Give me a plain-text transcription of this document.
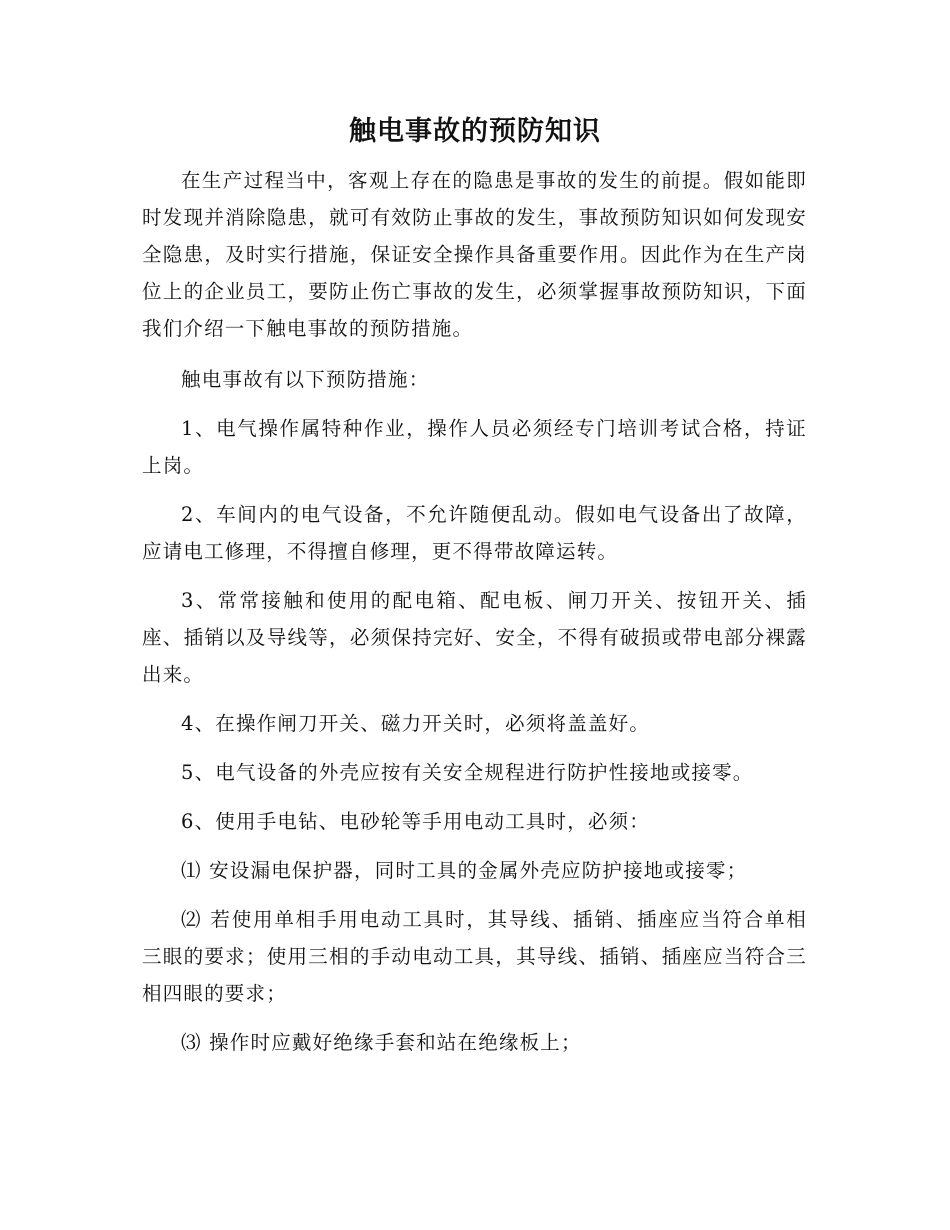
触电事故的预防知识

在生产过程当中，客观上存在的隐患是事故的发生的前提。假如能即时发现并消除隐患，就可有效防止事故的发生，事故预防知识如何发现安全隐患，及时实行措施，保证安全操作具备重要作用。因此作为在生产岗位上的企业员工，要防止伤亡事故的发生，必须掌握事故预防知识，下面我们介绍一下触电事故的预防措施。

触电事故有以下预防措施：

1、电气操作属特种作业，操作人员必须经专门培训考试合格，持证上岗。

2、车间内的电气设备，不允许随便乱动。假如电气设备出了故障，应请电工修理，不得擅自修理，更不得带故障运转。

3、常常接触和使用的配电箱、配电板、闸刀开关、按钮开关、插座、插销以及导线等，必须保持完好、安全，不得有破损或带电部分裸露出来。

4、在操作闸刀开关、磁力开关时，必须将盖盖好。

5、电气设备的外壳应按有关安全规程进行防护性接地或接零。

6、使用手电钻、电砂轮等手用电动工具时，必须：

⑴ 安设漏电保护器，同时工具的金属外壳应防护接地或接零；

⑵ 若使用单相手用电动工具时，其导线、插销、插座应当符合单相三眼的要求；使用三相的手动电动工具，其导线、插销、插座应当符合三相四眼的要求；

⑶ 操作时应戴好绝缘手套和站在绝缘板上；
